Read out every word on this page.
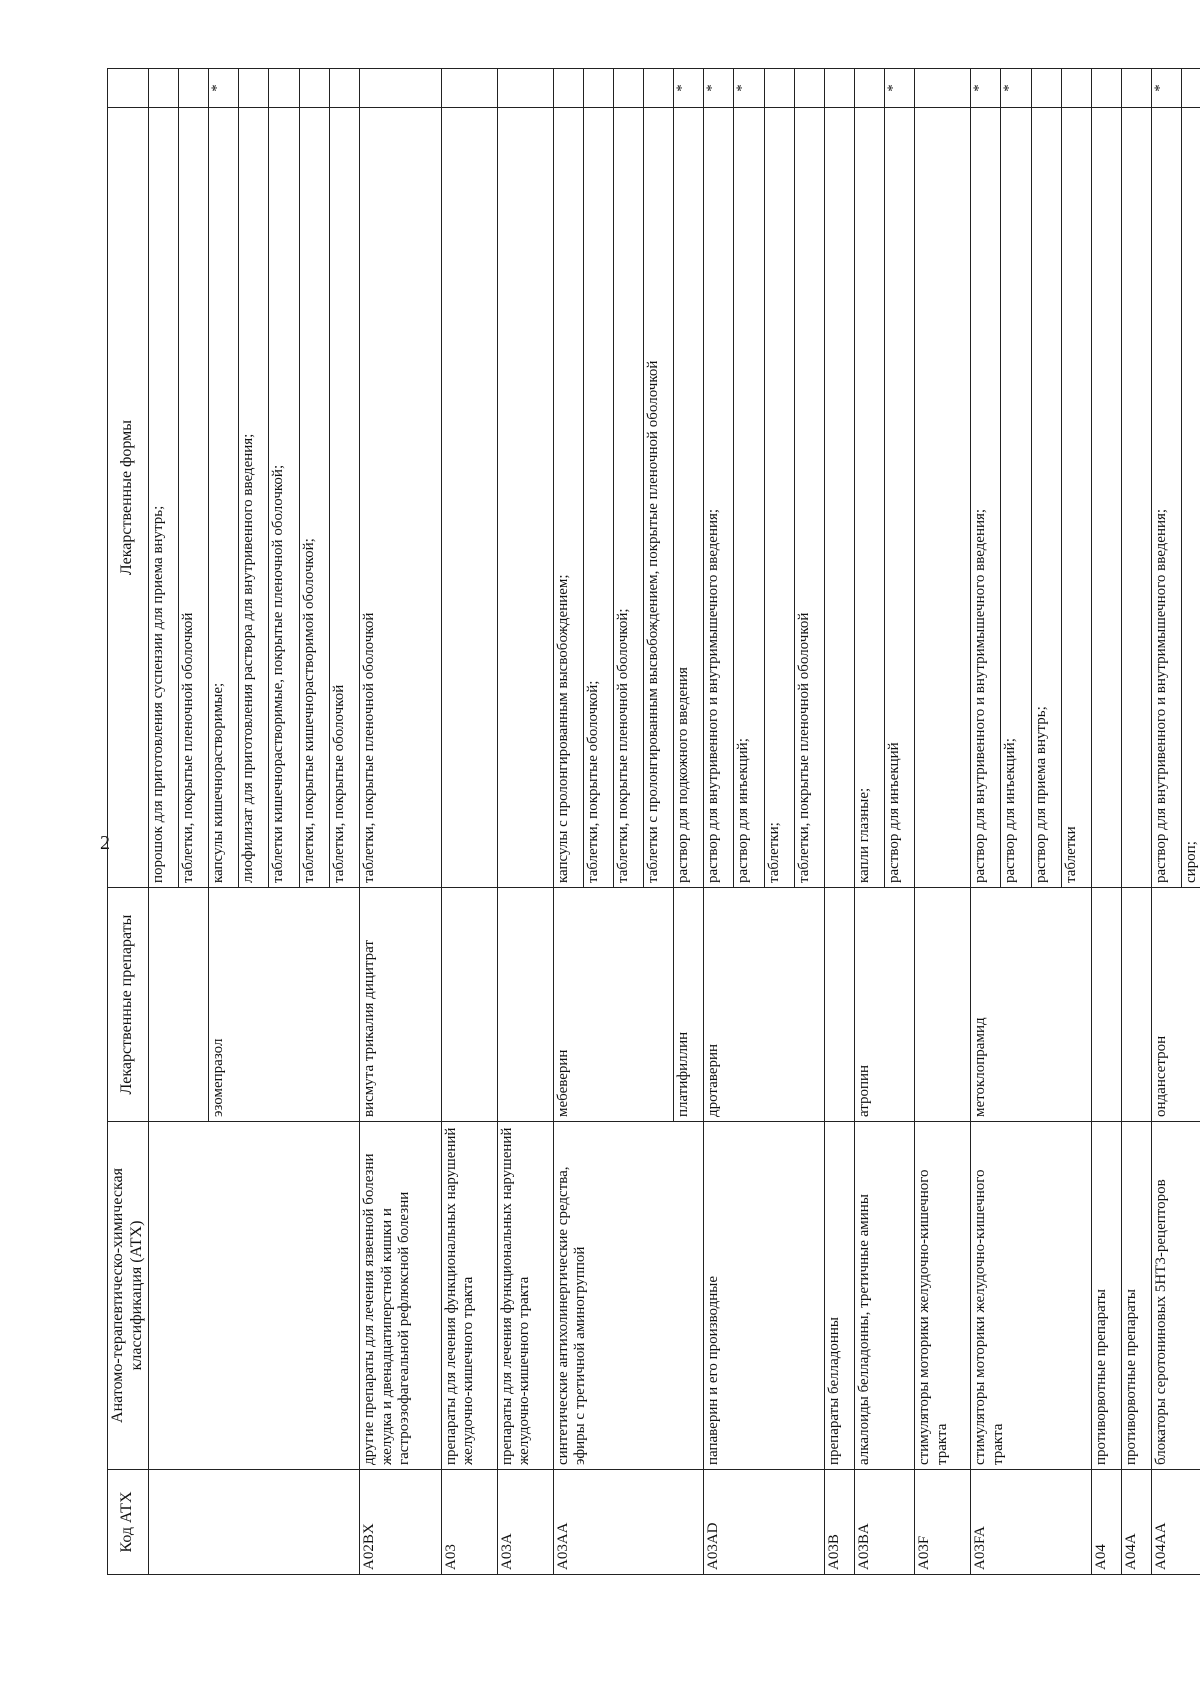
2
Код АТХ	Анатомо-терапевтическо-химическая классификация (АТХ)	Лекарственные препараты	Лекарственные формы	
			порошок для приготовления суспензии для приема внутрь;	
			таблетки, покрытые пленочной оболочкой	
		эзомепразол	капсулы кишечнорастворимые;	*
			лиофилизат для приготовления раствора для внутривенного введения;	
			таблетки кишечнорастворимые, покрытые пленочной оболочкой;	
			таблетки, покрытые кишечнорастворимой оболочкой;	
			таблетки, покрытые оболочкой	
A02BX	другие препараты для лечения язвенной болезни желудка и двенадцатиперстной кишки и гастроэзофагеальной рефлюксной болезни	висмута трикалия дицитрат	таблетки, покрытые пленочной оболочкой	
A03	препараты для лечения функциональных нарушений желудочно-кишечного тракта			
A03A	препараты для лечения функциональных нарушений желудочно-кишечного тракта			
A03AA	синтетические антихолинергические средства, эфиры с третичной аминогруппой	мебеверин	капсулы с пролонгированным высвобождением;	
			таблетки, покрытые оболочкой;	
			таблетки, покрытые пленочной оболочкой;	
			таблетки с пролонгированным высвобождением, покрытые пленочной оболочкой	
		платифиллин	раствор для подкожного введения	*
A03AD	папаверин и его производные	дротаверин	раствор для внутривенного и внутримышечного введения;	*
			раствор для инъекций;	*
			таблетки;	
			таблетки, покрытые пленочной оболочкой	
A03B	препараты белладонны			
A03BA	алкалоиды белладонны, третичные амины	атропин	капли глазные;	
			раствор для инъекций	*
A03F	стимуляторы моторики желудочно-кишечного тракта			
A03FA	стимуляторы моторики желудочно-кишечного тракта	метоклопрамид	раствор для внутривенного и внутримышечного введения;	*
			раствор для инъекций;	*
			раствор для приема внутрь;	
			таблетки	
A04	противорвотные препараты			
A04A	противорвотные препараты			
A04AA	блокаторы серотониновых 5HT3-рецепторов	ондансетрон	раствор для внутривенного и внутримышечного введения;	*
			сироп;	
